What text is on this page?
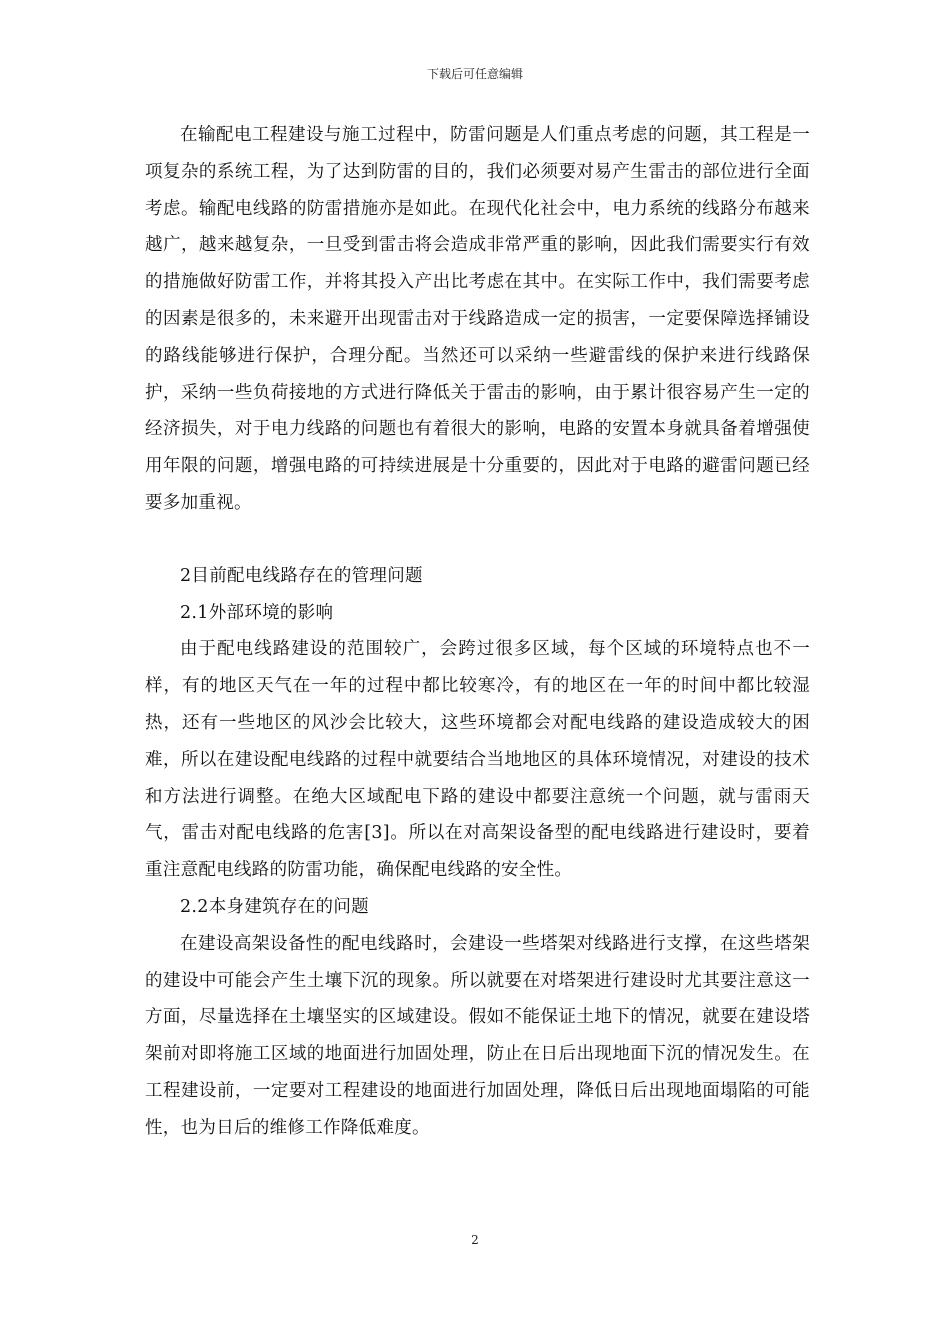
下载后可任意编辑

在输配电工程建设与施工过程中，防雷问题是人们重点考虑的问题，其工程是一项复杂的系统工程，为了达到防雷的目的，我们必须要对易产生雷击的部位进行全面考虑。输配电线路的防雷措施亦是如此。在现代化社会中，电力系统的线路分布越来越广，越来越复杂，一旦受到雷击将会造成非常严重的影响，因此我们需要实行有效的措施做好防雷工作，并将其投入产出比考虑在其中。在实际工作中，我们需要考虑的因素是很多的，未来避开出现雷击对于线路造成一定的损害，一定要保障选择铺设的路线能够进行保护，合理分配。当然还可以采纳一些避雷线的保护来进行线路保护，采纳一些负荷接地的方式进行降低关于雷击的影响，由于累计很容易产生一定的经济损失，对于电力线路的问题也有着很大的影响，电路的安置本身就具备着增强使用年限的问题，增强电路的可持续进展是十分重要的，因此对于电路的避雷问题已经要多加重视。

2目前配电线路存在的管理问题

2.1外部环境的影响

由于配电线路建设的范围较广，会跨过很多区域，每个区域的环境特点也不一样，有的地区天气在一年的过程中都比较寒冷，有的地区在一年的时间中都比较湿热，还有一些地区的风沙会比较大，这些环境都会对配电线路的建设造成较大的困难，所以在建设配电线路的过程中就要结合当地地区的具体环境情况，对建设的技术和方法进行调整。在绝大区域配电下路的建设中都要注意统一个问题，就与雷雨天气，雷击对配电线路的危害[3]。所以在对高架设备型的配电线路进行建设时，要着重注意配电线路的防雷功能，确保配电线路的安全性。

2.2本身建筑存在的问题

在建设高架设备性的配电线路时，会建设一些塔架对线路进行支撑，在这些塔架的建设中可能会产生土壤下沉的现象。所以就要在对塔架进行建设时尤其要注意这一方面，尽量选择在土壤坚实的区域建设。假如不能保证土地下的情况，就要在建设塔架前对即将施工区域的地面进行加固处理，防止在日后出现地面下沉的情况发生。在工程建设前，一定要对工程建设的地面进行加固处理，降低日后出现地面塌陷的可能性，也为日后的维修工作降低难度。

2
